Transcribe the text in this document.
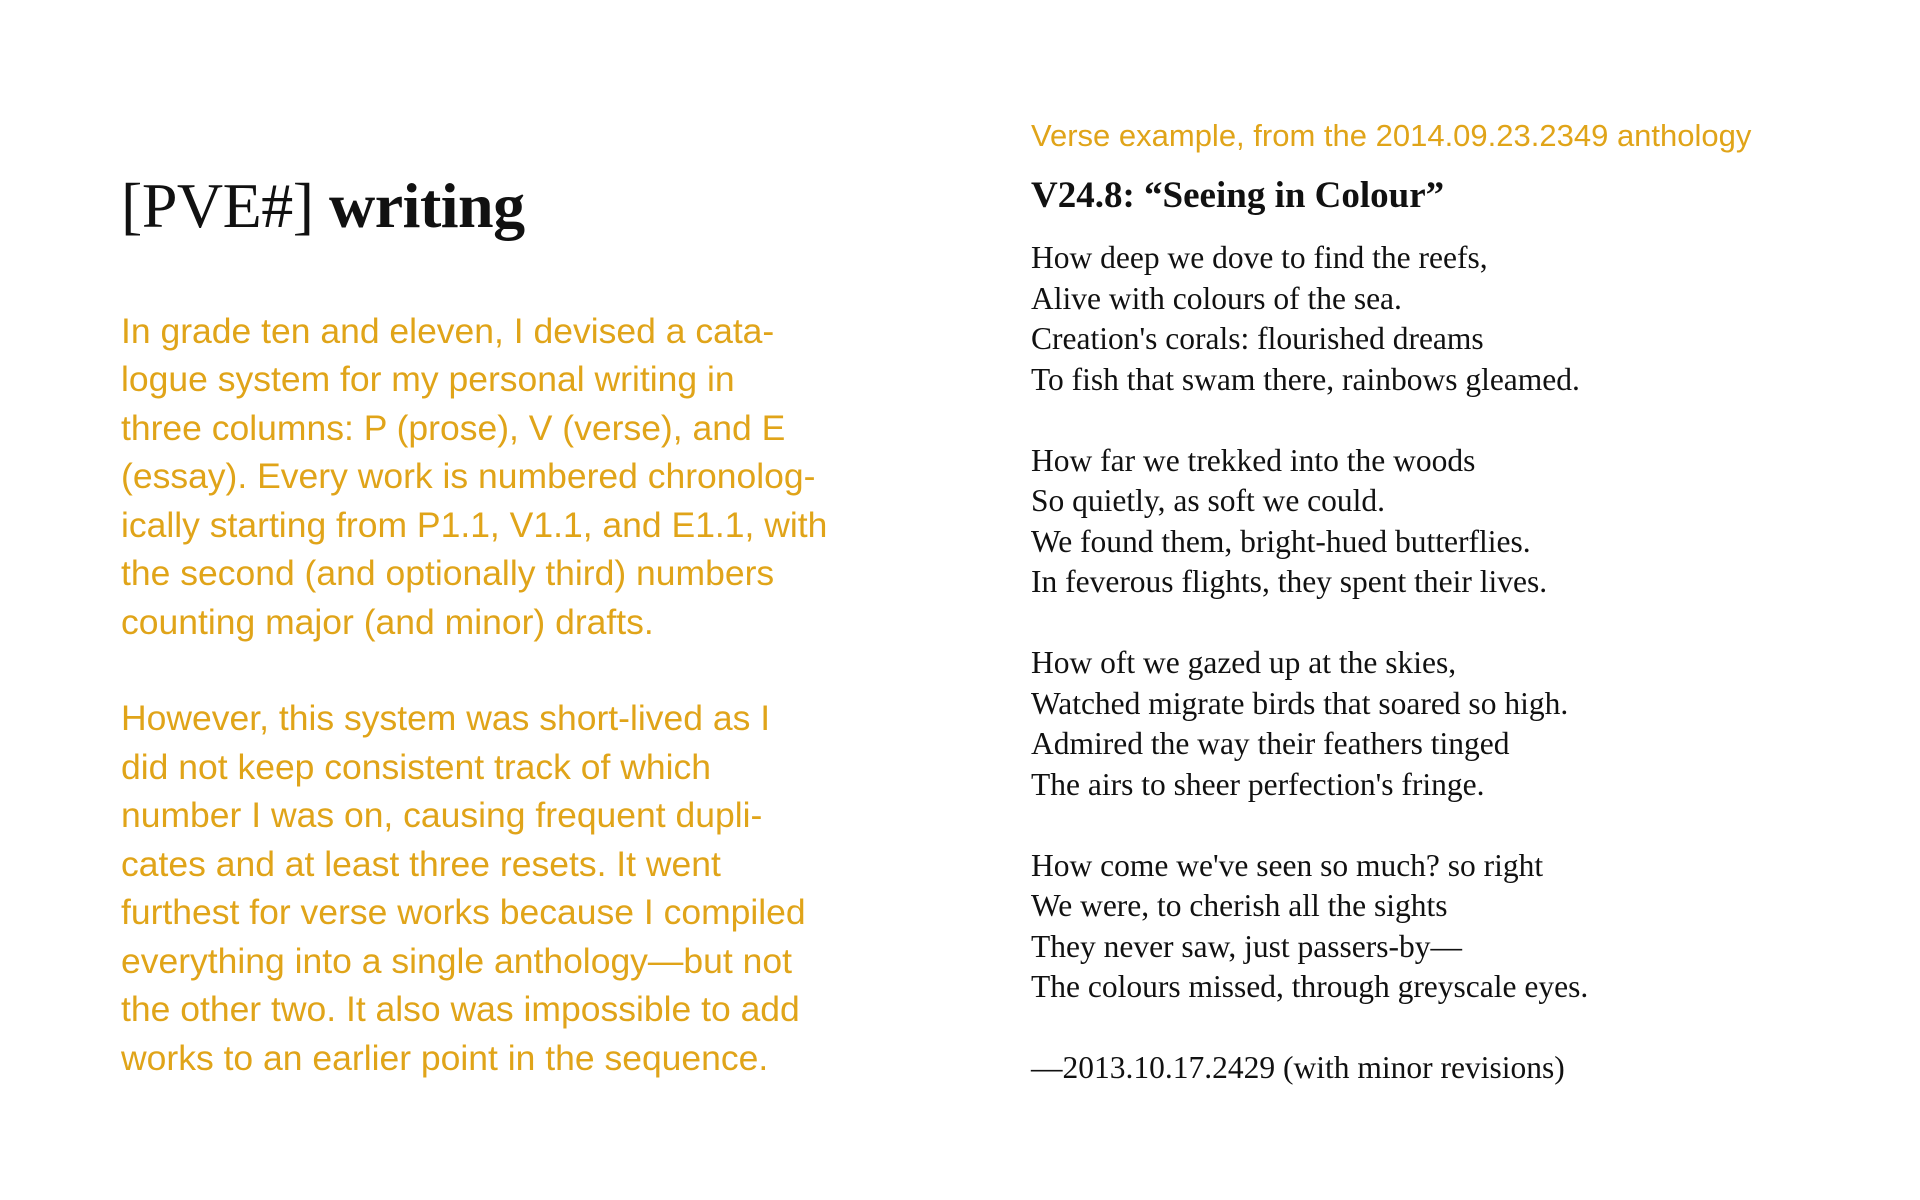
[PVE#] writing

In grade ten and eleven, I devised a cata-
logue system for my personal writing in
three columns: P (prose), V (verse), and E
(essay). Every work is numbered chronolog-
ically starting from P1.1, V1.1, and E1.1, with
the second (and optionally third) numbers
counting major (and minor) drafts.

However, this system was short-lived as I
did not keep consistent track of which
number I was on, causing frequent dupli-
cates and at least three resets. It went
furthest for verse works because I compiled
everything into a single anthology—but not
the other two. It also was impossible to add
works to an earlier point in the sequence.

Verse example, from the 2014.09.23.2349 anthology

V24.8: “Seeing in Colour”
How deep we dove to find the reefs,
Alive with colours of the sea.
Creation's corals: flourished dreams
To fish that swam there, rainbows gleamed.
How far we trekked into the woods
So quietly, as soft we could.
We found them, bright-hued butterflies.
In feverous flights, they spent their lives.
How oft we gazed up at the skies,
Watched migrate birds that soared so high.
Admired the way their feathers tinged
The airs to sheer perfection's fringe.
How come we've seen so much? so right
We were, to cherish all the sights
They never saw, just passers-by—
The colours missed, through greyscale eyes.

—2013.10.17.2429 (with minor revisions)
